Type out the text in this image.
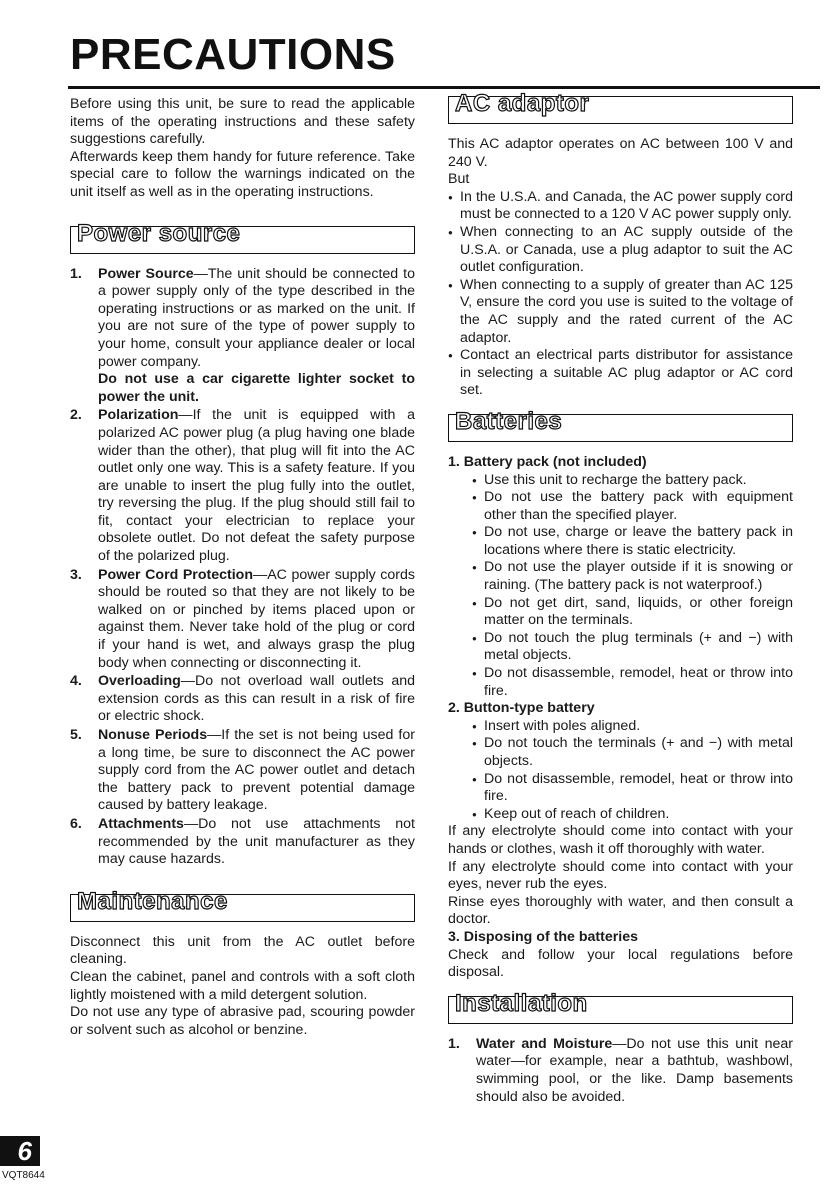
PRECAUTIONS

Before using this unit, be sure to read the applicable items of the operating instructions and these safety suggestions carefully.

Afterwards keep them handy for future reference. Take special care to follow the warnings indicated on the unit itself as well as in the operating instructions.

Power source
1. Power Source—The unit should be connected to a power supply only of the type described in the operating instructions or as marked on the unit. If you are not sure of the type of power supply to your home, consult your appliance dealer or local power company.
Do not use a car cigarette lighter socket to power the unit.
2. Polarization—If the unit is equipped with a polarized AC power plug (a plug having one blade wider than the other), that plug will fit into the AC outlet only one way. This is a safety feature. If you are unable to insert the plug fully into the outlet, try reversing the plug. If the plug should still fail to fit, contact your electrician to replace your obsolete outlet. Do not defeat the safety purpose of the polarized plug.
3. Power Cord Protection—AC power supply cords should be routed so that they are not likely to be walked on or pinched by items placed upon or against them. Never take hold of the plug or cord if your hand is wet, and always grasp the plug body when connecting or disconnecting it.
4. Overloading—Do not overload wall outlets and extension cords as this can result in a risk of fire or electric shock.
5. Nonuse Periods—If the set is not being used for a long time, be sure to disconnect the AC power supply cord from the AC power outlet and detach the battery pack to prevent potential damage caused by battery leakage.
6. Attachments—Do not use attachments not recommended by the unit manufacturer as they may cause hazards.
Maintenance

Disconnect this unit from the AC outlet before cleaning.

Clean the cabinet, panel and controls with a soft cloth lightly moistened with a mild detergent solution.

Do not use any type of abrasive pad, scouring powder or solvent such as alcohol or benzine.

AC adaptor

This AC adaptor operates on AC between 100 V and 240 V.

But

● In the U.S.A. and Canada, the AC power supply cord must be connected to a 120 V AC power supply only.
● When connecting to an AC supply outside of the U.S.A. or Canada, use a plug adaptor to suit the AC outlet configuration.
● When connecting to a supply of greater than AC 125 V, ensure the cord you use is suited to the voltage of the AC supply and the rated current of the AC adaptor.
● Contact an electrical parts distributor for assistance in selecting a suitable AC plug adaptor or AC cord set.
Batteries
1. Battery pack (not included)
● Use this unit to recharge the battery pack.
● Do not use the battery pack with equipment other than the specified player.
● Do not use, charge or leave the battery pack in locations where there is static electricity.
● Do not use the player outside if it is snowing or raining. (The battery pack is not waterproof.)
● Do not get dirt, sand, liquids, or other foreign matter on the terminals.
● Do not touch the plug terminals (+ and −) with metal objects.
● Do not disassemble, remodel, heat or throw into fire.
2. Button-type battery
● Insert with poles aligned.
● Do not touch the terminals (+ and −) with metal objects.
● Do not disassemble, remodel, heat or throw into fire.
● Keep out of reach of children.

If any electrolyte should come into contact with your hands or clothes, wash it off thoroughly with water.

If any electrolyte should come into contact with your eyes, never rub the eyes.

Rinse eyes thoroughly with water, and then consult a doctor.

3. Disposing of the batteries

Check and follow your local regulations before disposal.

Installation
1. Water and Moisture—Do not use this unit near water—for example, near a bathtub, washbowl, swimming pool, or the like. Damp basements should also be avoided.
6
VQT8644
